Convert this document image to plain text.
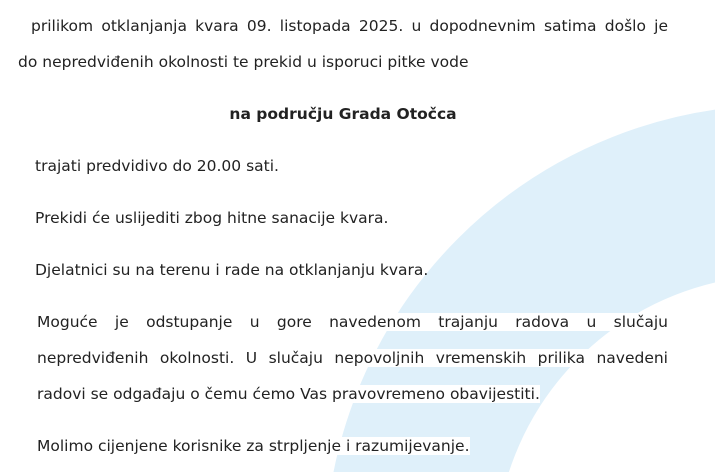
prilikom otklanjanja kvara 09. listopada 2025. u dopodnevnim satima došlo je
do nepredviđenih okolnosti te prekid u isporuci pitke vode
na području Grada Otočca
trajati predvidivo do 20.00 sati.
Prekidi će uslijediti zbog hitne sanacije kvara.
Djelatnici su na terenu i rade na otklanjanju kvara.
Moguće je odstupanje u gore navedenom trajanju radova u slučaju
nepredviđenih okolnosti. U slučaju nepovoljnih vremenskih prilika navedeni
radovi se odgađaju o čemu ćemo Vas pravovremeno obavijestiti.
Molimo cijenjene korisnike za strpljenje i razumijevanje.
